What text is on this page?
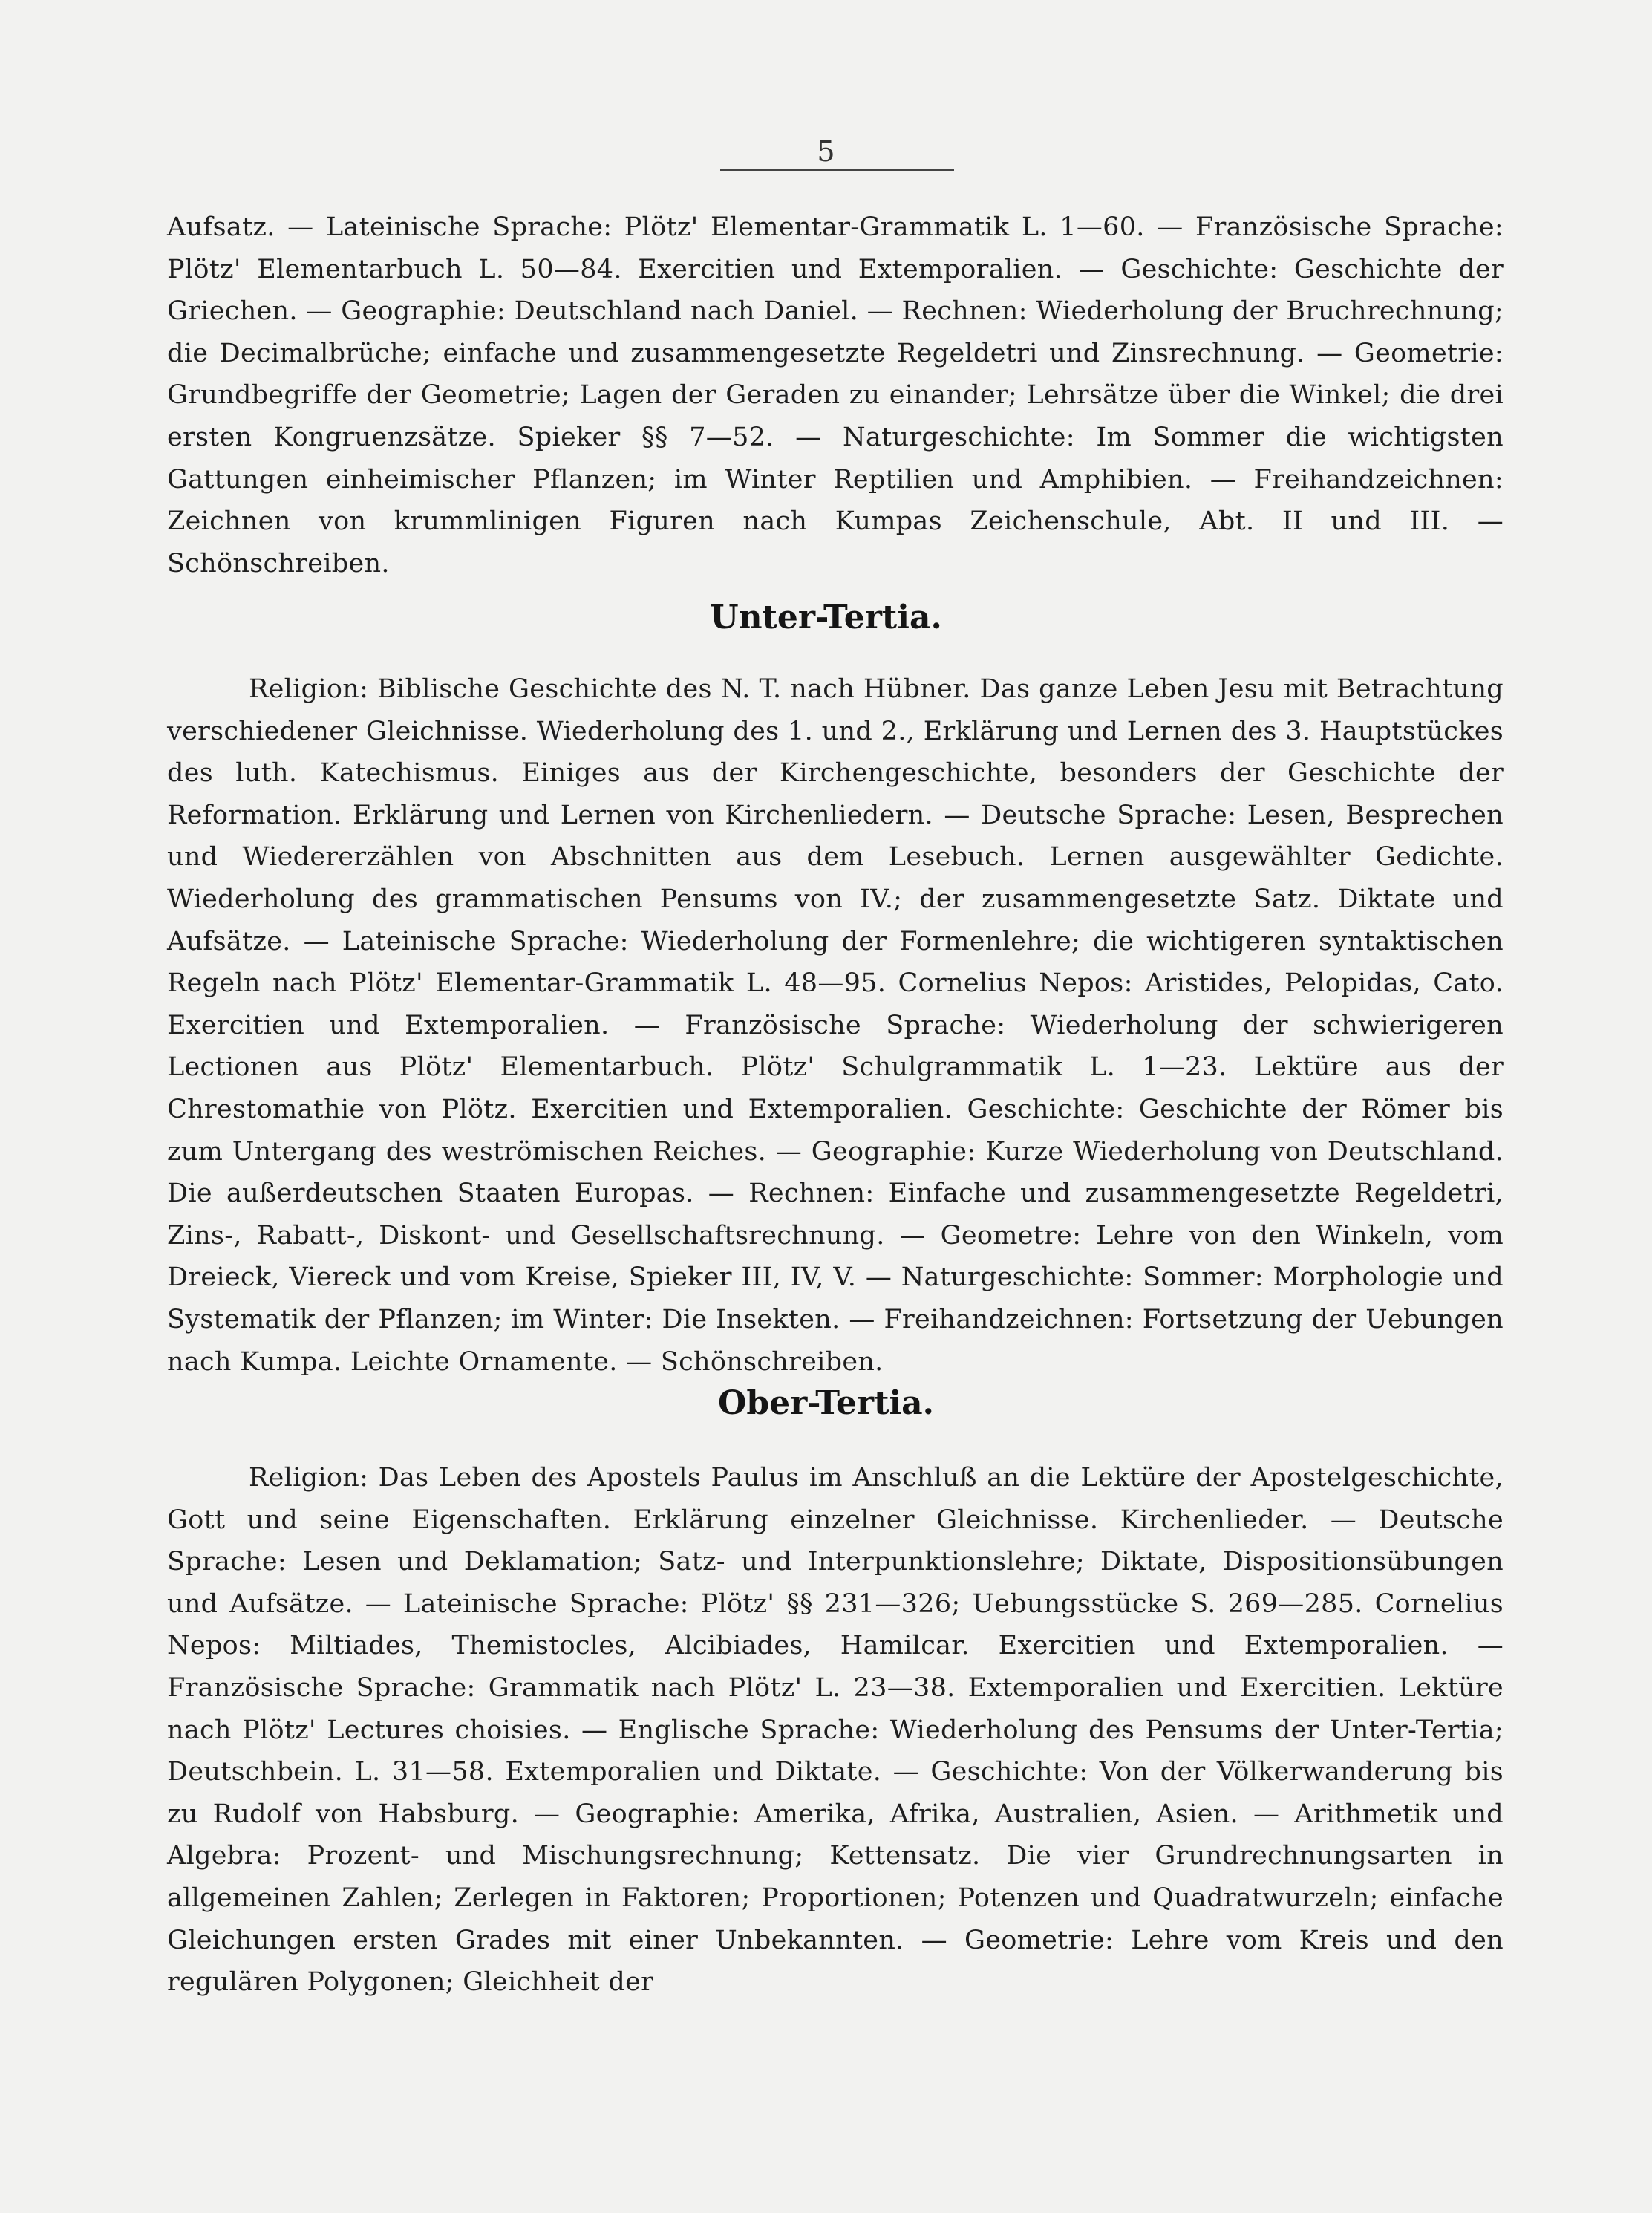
5

Aufsatz. — Lateinische Sprache: Plötz' Elementar-Grammatik L. 1—60. — Französische Sprache: Plötz' Elementarbuch L. 50—84. Exercitien und Extemporalien. — Geschichte: Geschichte der Griechen. — Geographie: Deutschland nach Daniel. — Rechnen: Wiederholung der Bruchrechnung; die Decimalbrüche; einfache und zusammengesetzte Regeldetri und Zinsrechnung. — Geometrie: Grundbegriffe der Geometrie; Lagen der Geraden zu einander; Lehrsätze über die Winkel; die drei ersten Kongruenzsätze. Spieker §§ 7—52. — Naturgeschichte: Im Sommer die wichtigsten Gattungen einheimischer Pflanzen; im Winter Reptilien und Amphibien. — Freihandzeichnen: Zeichnen von krummlinigen Figuren nach Kumpas Zeichenschule, Abt. II und III. — Schönschreiben.

Unter-Tertia.

Religion: Biblische Geschichte des N. T. nach Hübner. Das ganze Leben Jesu mit Betrachtung verschiedener Gleichnisse. Wiederholung des 1. und 2., Erklärung und Lernen des 3. Hauptstückes des luth. Katechismus. Einiges aus der Kirchengeschichte, besonders der Geschichte der Reformation. Erklärung und Lernen von Kirchenliedern. — Deutsche Sprache: Lesen, Besprechen und Wiedererzählen von Abschnitten aus dem Lesebuch. Lernen ausgewählter Gedichte. Wiederholung des grammatischen Pensums von IV.; der zusammengesetzte Satz. Diktate und Aufsätze. — Lateinische Sprache: Wiederholung der Formenlehre; die wichtigeren syntaktischen Regeln nach Plötz' Elementar-Grammatik L. 48—95. Cornelius Nepos: Aristides, Pelopidas, Cato. Exercitien und Extemporalien. — Französische Sprache: Wiederholung der schwierigeren Lectionen aus Plötz' Elementarbuch. Plötz' Schulgrammatik L. 1—23. Lektüre aus der Chrestomathie von Plötz. Exercitien und Extemporalien. Geschichte: Geschichte der Römer bis zum Untergang des weströmischen Reiches. — Geographie: Kurze Wiederholung von Deutschland. Die außerdeutschen Staaten Europas. — Rechnen: Einfache und zusammengesetzte Regeldetri, Zins-, Rabatt-, Diskont- und Gesellschaftsrechnung. — Geometre: Lehre von den Winkeln, vom Dreieck, Viereck und vom Kreise, Spieker III, IV, V. — Naturgeschichte: Sommer: Morphologie und Systematik der Pflanzen; im Winter: Die Insekten. — Freihandzeichnen: Fortsetzung der Uebungen nach Kumpa. Leichte Ornamente. — Schönschreiben.

Ober-Tertia.

Religion: Das Leben des Apostels Paulus im Anschluß an die Lektüre der Apostelgeschichte, Gott und seine Eigenschaften. Erklärung einzelner Gleichnisse. Kirchenlieder. — Deutsche Sprache: Lesen und Deklamation; Satz- und Interpunktionslehre; Diktate, Dispositionsübungen und Aufsätze. — Lateinische Sprache: Plötz' §§ 231—326; Uebungsstücke S. 269—285. Cornelius Nepos: Miltiades, Themistocles, Alcibiades, Hamilcar. Exercitien und Extemporalien. — Französische Sprache: Grammatik nach Plötz' L. 23—38. Extemporalien und Exercitien. Lektüre nach Plötz' Lectures choisies. — Englische Sprache: Wiederholung des Pensums der Unter-Tertia; Deutschbein. L. 31—58. Extemporalien und Diktate. — Geschichte: Von der Völkerwanderung bis zu Rudolf von Habsburg. — Geographie: Amerika, Afrika, Australien, Asien. — Arithmetik und Algebra: Prozent- und Mischungsrechnung; Kettensatz. Die vier Grundrechnungsarten in allgemeinen Zahlen; Zerlegen in Faktoren; Proportionen; Potenzen und Quadratwurzeln; einfache Gleichungen ersten Grades mit einer Unbekannten. — Geometrie: Lehre vom Kreis und den regulären Polygonen; Gleichheit der
